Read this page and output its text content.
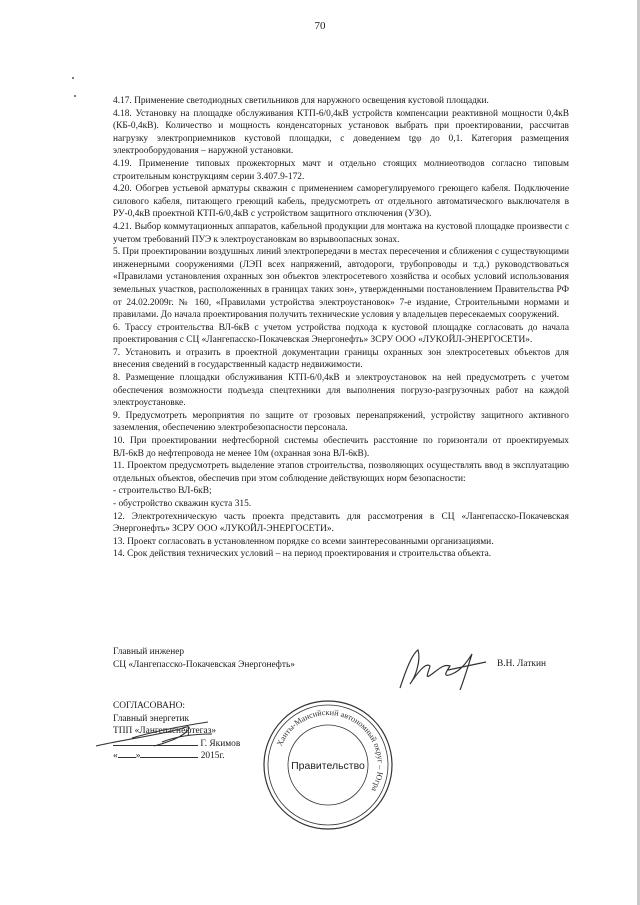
70

4.17. Применение светодиодных светильников для наружного освещения кустовой площадки.

4.18. Установку на площадке обслуживания КТП-6/0,4кВ устройств компенсации реактивной мощности 0,4кВ (КБ-0,4кВ). Количество и мощность конденсаторных установок выбрать при проектировании, рассчитав нагрузку электроприемников кустовой площадки, с доведением tgφ до 0,1. Категория размещения электрооборудования – наружной установки.

4.19. Применение типовых прожекторных мачт и отдельно стоящих молниеотводов согласно типовым строительным конструкциям серии 3.407.9-172.

4.20. Обогрев устьевой арматуры скважин с применением саморегулируемого греющего кабеля. Подключение силового кабеля, питающего греющий кабель, предусмотреть от отдельного автоматического выключателя в РУ-0,4кВ проектной КТП-6/0,4кВ с устройством защитного отключения (УЗО).

4.21. Выбор коммутационных аппаратов, кабельной продукции для монтажа на кустовой площадке произвести с учетом требований ПУЭ к электроустановкам во взрывоопасных зонах.

5. При проектировании воздушных линий электропередачи в местах пересечения и сближения с существующими инженерными сооружениями (ЛЭП всех напряжений, автодороги, трубопроводы и т.д.) руководствоваться «Правилами установления охранных зон объектов электросетевого хозяйства и особых условий использования земельных участков, расположенных в границах таких зон», утвержденными постановлением Правительства РФ от 24.02.2009г. № 160, «Правилами устройства электроустановок» 7-е издание, Строительными нормами и правилами. До начала проектирования получить технические условия у владельцев пересекаемых сооружений.

6. Трассу строительства ВЛ-6кВ с учетом устройства подхода к кустовой площадке согласовать до начала проектирования с СЦ «Лангепасско-Покачевская Энергонефть» ЗСРУ ООО «ЛУКОЙЛ-ЭНЕРГОСЕТИ».

7. Установить и отразить в проектной документации границы охранных зон электросетевых объектов для внесения сведений в государственный кадастр недвижимости.

8. Размещение площадки обслуживания КТП-6/0,4кВ и электроустановок на ней предусмотреть с учетом обеспечения возможности подъезда спецтехники для выполнения погрузо-разгрузочных работ на каждой электроустановке.

9. Предусмотреть мероприятия по защите от грозовых перенапряжений, устройству защитного активного заземления, обеспечению электробезопасности персонала.

10. При проектировании нефтесборной системы обеспечить расстояние по горизонтали от проектируемых ВЛ-6кВ до нефтепровода не менее 10м (охранная зона ВЛ-6кВ).

11. Проектом предусмотреть выделение этапов строительства, позволяющих осуществлять ввод в эксплуатацию отдельных объектов, обеспечив при этом соблюдение действующих норм безопасности:

- строительство ВЛ-6кВ;

- обустройство скважин куста 315.

12. Электротехническую часть проекта представить для рассмотрения в СЦ «Лангепасско-Покачевская Энергонефть» ЗСРУ ООО «ЛУКОЙЛ-ЭНЕРГОСЕТИ».

13. Проект согласовать в установленном порядке со всеми заинтересованными организациями.

14. Срок действия технических условий – на период проектирования и строительства объекта.

Главный инженер
СЦ «Лангепасско-Покачевская Энергонефть»	В.Н. Латкин
СОГЛАСОВАНО:
Главный энергетик
ТПП «Лангепаснефтегаз»
Г. Якимов
« »	2015г.
Ханты-Мансийский автономный округ – Югра
Правительство
